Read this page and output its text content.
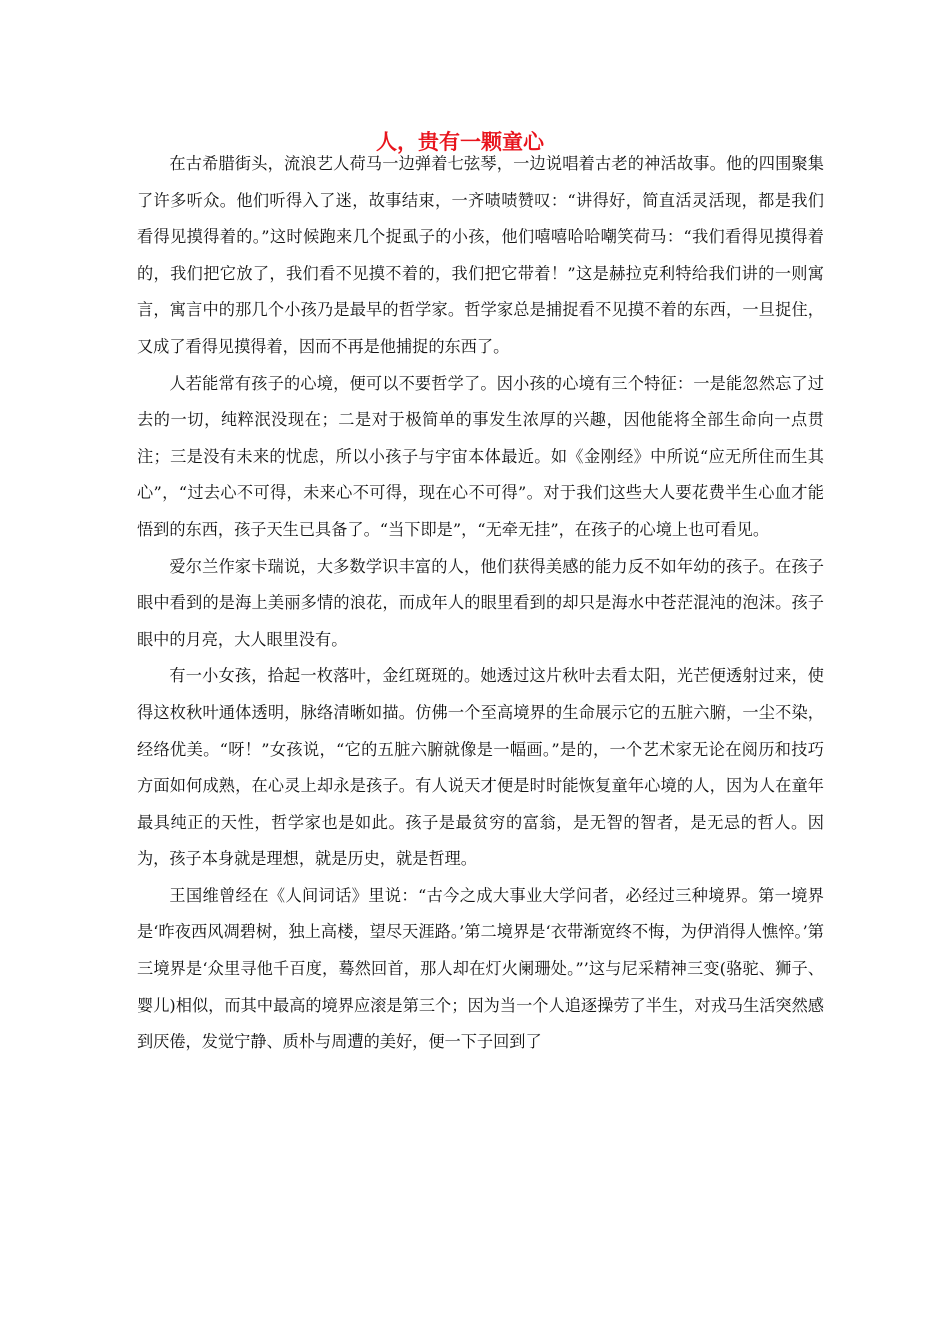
人，贵有一颗童心

在古希腊街头，流浪艺人荷马一边弹着七弦琴，一边说唱着古老的神活故事。他的四围聚集了许多听众。他们听得入了迷，故事结束，一齐啧啧赞叹：“讲得好，简直活灵活现，都是我们看得见摸得着的。”这时候跑来几个捉虱子的小孩，他们嘻嘻哈哈嘲笑荷马：“我们看得见摸得着的，我们把它放了，我们看不见摸不着的，我们把它带着！”这是赫拉克利特给我们讲的一则寓言，寓言中的那几个小孩乃是最早的哲学家。哲学家总是捕捉看不见摸不着的东西，一旦捉住，又成了看得见摸得着，因而不再是他捕捉的东西了。

人若能常有孩子的心境，便可以不要哲学了。因小孩的心境有三个特征：一是能忽然忘了过去的一切，纯粹泯没现在；二是对于极简单的事发生浓厚的兴趣，因他能将全部生命向一点贯注；三是没有未来的忧虑，所以小孩子与宇宙本体最近。如《金刚经》中所说“应无所住而生其心”，“过去心不可得，未来心不可得，现在心不可得”。对于我们这些大人要花费半生心血才能悟到的东西，孩子天生已具备了。“当下即是”，“无牵无挂”，在孩子的心境上也可看见。

爱尔兰作家卡瑞说，大多数学识丰富的人，他们获得美感的能力反不如年幼的孩子。在孩子眼中看到的是海上美丽多情的浪花，而成年人的眼里看到的却只是海水中苍茫混沌的泡沫。孩子眼中的月亮，大人眼里没有。

有一小女孩，拾起一枚落叶，金红斑斑的。她透过这片秋叶去看太阳，光芒便透射过来，使得这枚秋叶通体透明，脉络清晰如描。仿佛一个至高境界的生命展示它的五脏六腑，一尘不染，经络优美。“呀！”女孩说，“它的五脏六腑就像是一幅画。”是的，一个艺术家无论在阅历和技巧方面如何成熟，在心灵上却永是孩子。有人说天才便是时时能恢复童年心境的人，因为人在童年最具纯正的天性，哲学家也是如此。孩子是最贫穷的富翁，是无智的智者，是无忌的哲人。因为，孩子本身就是理想，就是历史，就是哲理。

王国维曾经在《人间词话》里说：“古今之成大事业大学问者，必经过三种境界。第一境界是‘昨夜西风凋碧树，独上高楼，望尽天涯路。’第二境界是‘衣带渐宽终不悔，为伊消得人憔悴。’第三境界是‘众里寻他千百度，蓦然回首，那人却在灯火阑珊处。”’这与尼采精神三变(骆驼、狮子、婴儿)相似，而其中最高的境界应滚是第三个；因为当一个人追逐操劳了半生，对戎马生活突然感到厌倦，发觉宁静、质朴与周遭的美好，便一下子回到了
